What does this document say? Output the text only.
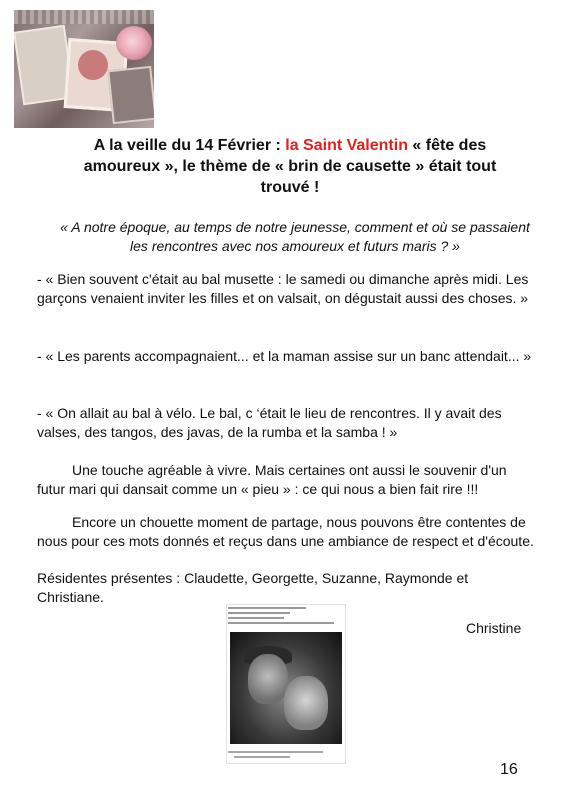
A la veille du 14 Février : la Saint Valentin « fête des
amoureux », le thème de « brin de causette » était tout
trouvé !
« A notre époque, au temps de notre jeunesse, comment et où se passaient les rencontres avec nos amoureux et futurs maris ? »
- « Bien souvent c'était au bal musette : le samedi ou dimanche après midi. Les garçons venaient inviter les filles et on valsait, on dégustait aussi des choses. »
- « Les parents accompagnaient... et la maman assise sur un banc attendait... »
- « On allait au bal à vélo. Le bal, c ‘était le lieu de rencontres. Il y avait des valses, des tangos, des javas, de la rumba et la samba ! »
Une touche agréable à vivre. Mais certaines ont aussi le souvenir d'un futur mari qui dansait comme un « pieu » : ce qui nous a bien fait rire !!!
Encore un chouette moment de partage, nous pouvons être contentes de nous pour ces mots donnés et reçus dans une ambiance de respect et d'écoute.
Résidentes présentes : Claudette, Georgette, Suzanne, Raymonde et Christiane.
Christine
16
